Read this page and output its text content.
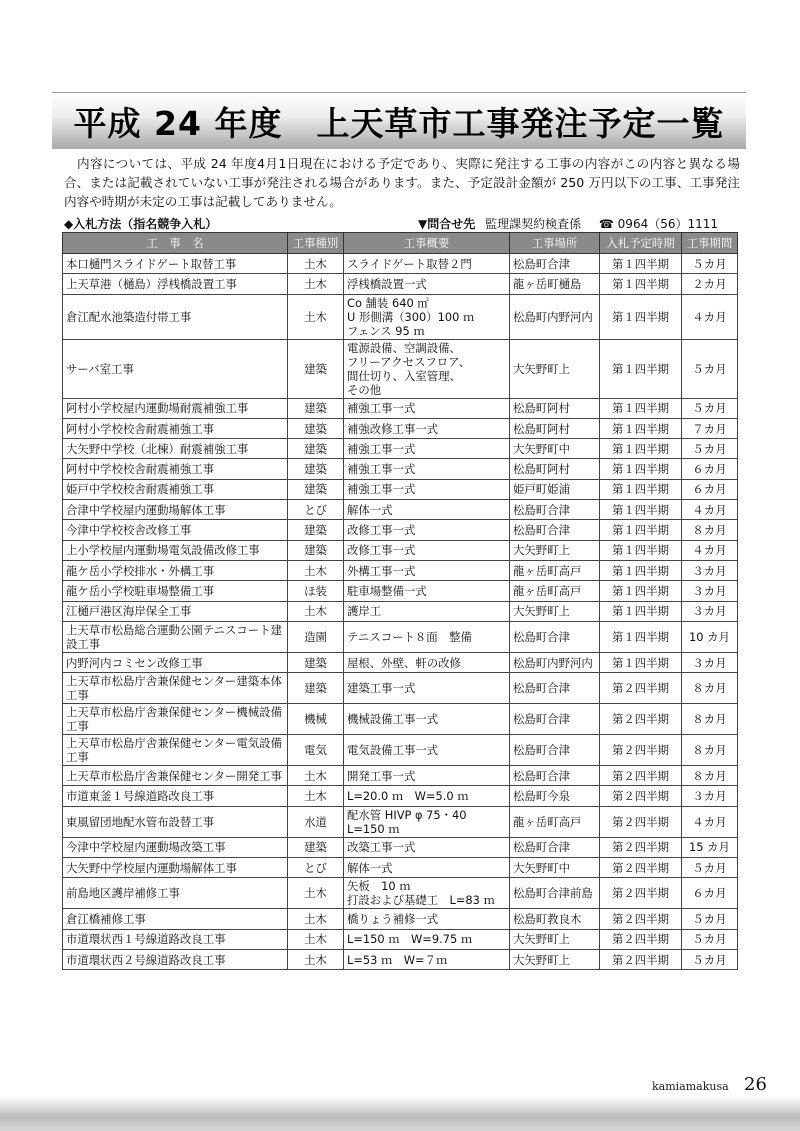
平成 24 年度　上天草市工事発注予定一覧
内容については、平成 24 年度4月1日現在における予定であり、実際に発注する工事の内容がこの内容と異なる場合、または記載されていない工事が発注される場合があります。また、予定設計金額が 250 万円以下の工事、工事発注内容や時期が未定の工事は記載してありません。
◆入札方法（指名競争入札）	▼問合せ先 監理課契約検査係 ☎ 0964（56）1111
工　事　名	工事種別	工事概要	工事場所	入札予定時期	工事期間
本口樋門スライドゲート取替工事	土木	スライドゲート取替２門	松島町合津	第１四半期	５カ月
上天草港（樋島）浮桟橋設置工事	土木	浮桟橋設置一式	龍ヶ岳町樋島	第１四半期	２カ月
倉江配水池築造付帯工事	土木	Co 舗装 640 ㎡
U 形側溝（300）100 ｍ
フェンス 95 ｍ	松島町内野河内	第１四半期	４カ月
サーバ室工事	建築	電源設備、空調設備、
フリーアクセスフロア、
間仕切り、入室管理、
その他	大矢野町上	第１四半期	５カ月
阿村小学校屋内運動場耐震補強工事	建築	補強工事一式	松島町阿村	第１四半期	５カ月
阿村小学校校舎耐震補強工事	建築	補強改修工事一式	松島町阿村	第１四半期	７カ月
大矢野中学校（北棟）耐震補強工事	建築	補強工事一式	大矢野町中	第１四半期	５カ月
阿村中学校校舎耐震補強工事	建築	補強工事一式	松島町阿村	第１四半期	６カ月
姫戸中学校校舎耐震補強工事	建築	補強工事一式	姫戸町姫浦	第１四半期	６カ月
合津中学校屋内運動場解体工事	とび	解体一式	松島町合津	第１四半期	４カ月
今津中学校校舎改修工事	建築	改修工事一式	松島町合津	第１四半期	８カ月
上小学校屋内運動場電気設備改修工事	建築	改修工事一式	大矢野町上	第１四半期	４カ月
龍ケ岳小学校排水・外構工事	土木	外構工事一式	龍ヶ岳町高戸	第１四半期	３カ月
龍ケ岳小学校駐車場整備工事	ほ装	駐車場整備一式	龍ヶ岳町高戸	第１四半期	３カ月
江樋戸港区海岸保全工事	土木	護岸工	大矢野町上	第１四半期	３カ月
上天草市松島総合運動公園テニスコート建設工事	造園	テニスコート８面　整備	松島町合津	第１四半期	10 カ月
内野河内コミセン改修工事	建築	屋根、外壁、軒の改修	松島町内野河内	第１四半期	３カ月
上天草市松島庁舎兼保健センター建築本体工事	建築	建築工事一式	松島町合津	第２四半期	８カ月
上天草市松島庁舎兼保健センター機械設備工事	機械	機械設備工事一式	松島町合津	第２四半期	８カ月
上天草市松島庁舎兼保健センター電気設備工事	電気	電気設備工事一式	松島町合津	第２四半期	８カ月
上天草市松島庁舎兼保健センター開発工事	土木	開発工事一式	松島町合津	第２四半期	８カ月
市道東釜１号線道路改良工事	土木	L=20.0 ｍ　W=5.0 ｍ	松島町今泉	第２四半期	３カ月
東風留団地配水管布設替工事	水道	配水管 HIVP φ 75・40
L=150 ｍ	龍ヶ岳町高戸	第２四半期	４カ月
今津中学校屋内運動場改築工事	建築	改築工事一式	松島町合津	第２四半期	15 カ月
大矢野中学校屋内運動場解体工事	とび	解体一式	大矢野町中	第２四半期	５カ月
前島地区護岸補修工事	土木	矢板　10 ｍ
打設および基礎工　L=83 ｍ	松島町合津前島	第２四半期	６カ月
倉江橋補修工事	土木	橋りょう補修一式	松島町教良木	第２四半期	５カ月
市道環状西１号線道路改良工事	土木	L=150 ｍ　W=9.75 ｍ	大矢野町上	第２四半期	５カ月
市道環状西２号線道路改良工事	土木	L=53 ｍ　W=７ｍ	大矢野町上	第２四半期	５カ月
kamiamakusa 26
